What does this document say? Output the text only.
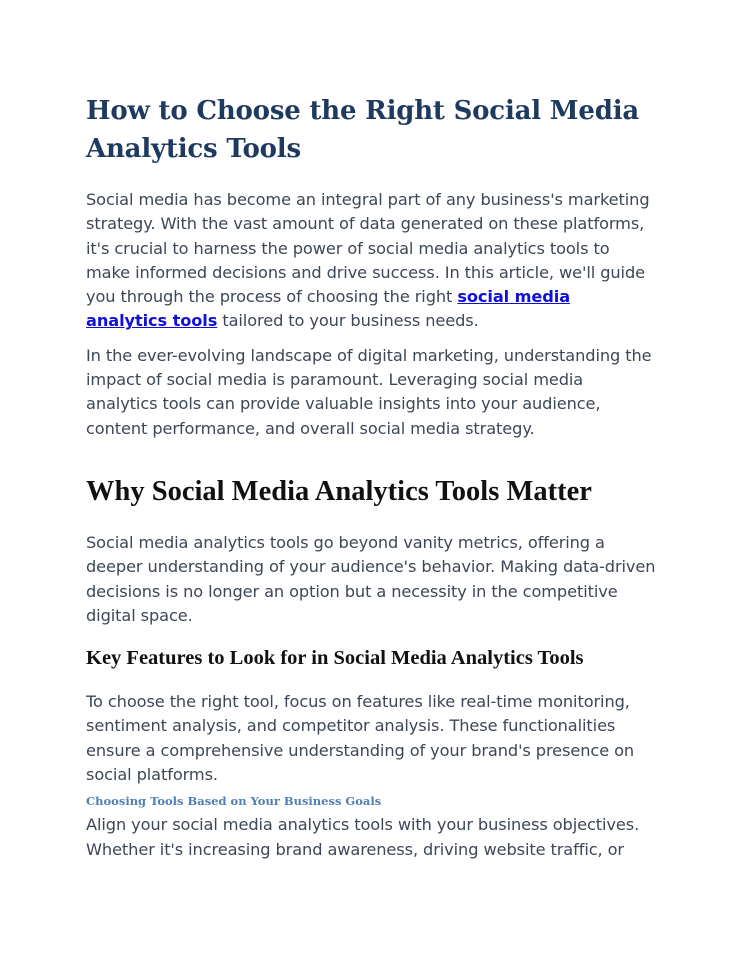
How to Choose the Right Social Media Analytics Tools

Social media has become an integral part of any business's marketing strategy. With the vast amount of data generated on these platforms, it's crucial to harness the power of social media analytics tools to make informed decisions and drive success. In this article, we'll guide you through the process of choosing the right social media analytics tools tailored to your business needs.

In the ever-evolving landscape of digital marketing, understanding the impact of social media is paramount. Leveraging social media analytics tools can provide valuable insights into your audience, content performance, and overall social media strategy.

Why Social Media Analytics Tools Matter

Social media analytics tools go beyond vanity metrics, offering a deeper understanding of your audience's behavior. Making data-driven decisions is no longer an option but a necessity in the competitive digital space.

Key Features to Look for in Social Media Analytics Tools

To choose the right tool, focus on features like real-time monitoring, sentiment analysis, and competitor analysis. These functionalities ensure a comprehensive understanding of your brand's presence on social platforms.

Choosing Tools Based on Your Business Goals

Align your social media analytics tools with your business objectives. Whether it's increasing brand awareness, driving website traffic, or
